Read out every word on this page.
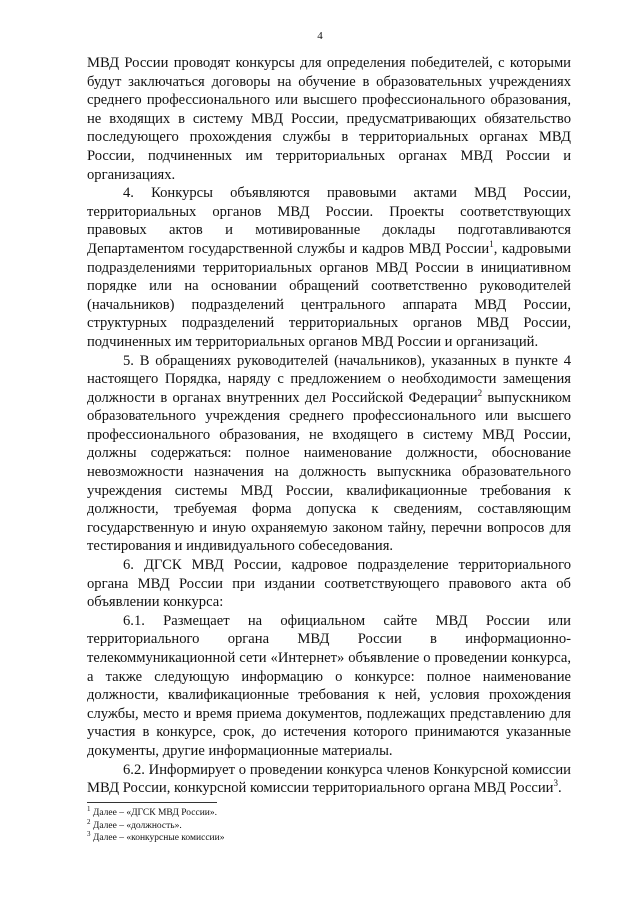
4

МВД России проводят конкурсы для определения победителей, с которыми будут заключаться договоры на обучение в образовательных учреждениях среднего профессионального или высшего профессионального образования, не входящих в систему МВД России, предусматривающих обязательство последующего прохождения службы в территориальных органах МВД России, подчиненных им территориальных органах МВД России и организациях.

4. Конкурсы объявляются правовыми актами МВД России, территориальных органов МВД России. Проекты соответствующих правовых актов и мотивированные доклады подготавливаются Департаментом государственной службы и кадров МВД России$^1$, кадровыми подразделениями территориальных органов МВД России в инициативном порядке или на основании обращений соответственно руководителей (начальников) подразделений центрального аппарата МВД России, структурных подразделений территориальных органов МВД России, подчиненных им территориальных органов МВД России и организаций.

5. В обращениях руководителей (начальников), указанных в пункте 4 настоящего Порядка, наряду с предложением о необходимости замещения должности в органах внутренних дел Российской Федерации$^2$ выпускником образовательного учреждения среднего профессионального или высшего профессионального образования, не входящего в систему МВД России, должны содержаться: полное наименование должности, обоснование невозможности назначения на должность выпускника образовательного учреждения системы МВД России, квалификационные требования к должности, требуемая форма допуска к сведениям, составляющим государственную и иную охраняемую законом тайну, перечни вопросов для тестирования и индивидуального собеседования.

6. ДГСК МВД России, кадровое подразделение территориального органа МВД России при издании соответствующего правового акта об объявлении конкурса:

6.1. Размещает на официальном сайте МВД России или территориального органа МВД России в информационно-телекоммуникационной сети «Интернет» объявление о проведении конкурса, а также следующую информацию о конкурсе: полное наименование должности, квалификационные требования к ней, условия прохождения службы, место и время приема документов, подлежащих представлению для участия в конкурсе, срок, до истечения которого принимаются указанные документы, другие информационные материалы.

6.2. Информирует о проведении конкурса членов Конкурсной комиссии МВД России, конкурсной комиссии территориального органа МВД России$^3$.

$^1$ Далее – «ДГСК МВД России».
$^2$ Далее – «должность».
$^3$ Далее – «конкурсные комиссии»
